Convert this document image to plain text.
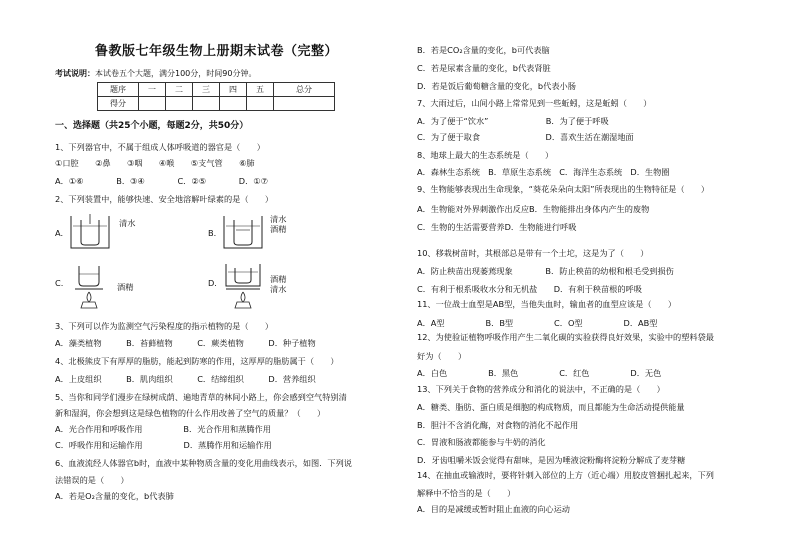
鲁教版七年级生物上册期末试卷（完整）
考试说明：本试卷五个大题，满分100分，时间90分钟。
题序	一	二	三	四	五	总分
得分						
一、选择题（共25个小题，每题2分，共50分）
1、下列器官中，不属于组成人体呼吸道的器官是（　　）
①口腔　　②鼻　　③咽　　④喉　　⑤支气管　　⑥肺
A．①⑥　　　　B．③④　　　　C．②⑤　　　　D．①⑦
2、下列装置中，能够快速、安全地溶解叶绿素的是（　　）
3、下列可以作为监测空气污染程度的指示植物的是（　　）
A．藻类植物　　　B．苔藓植物　　　C．蕨类植物　　　D．种子植物
4、北极熊皮下有厚厚的脂肪，能起到防寒的作用，这厚厚的脂肪属于（　　）
A．上皮组织　　　B．肌肉组织　　　C．结缔组织　　　D．营养组织
5、当你和同学们漫步在绿树成荫、遍地青草的林间小路上，你会感到空气特别清
新和湿润，你会想到这是绿色植物的什么作用改善了空气的质量？（　　）
A．光合作用和呼吸作用　　　　　B．光合作用和蒸腾作用
C．呼吸作用和运输作用　　　　　D．蒸腾作用和运输作用
6、血液流经人体器官b时，血液中某种物质含量的变化用曲线表示，如图．下列说
法错误的是（　　）
A．若是O₂含量的变化，b代表肺
B．若是CO₂含量的变化，b可代表脑
C．若是尿素含量的变化，b代表肾脏
D．若是饭后葡萄糖含量的变化，b代表小肠
7、大雨过后，山间小路上常常见到一些蚯蚓，这是蚯蚓（　　）
A．为了便于“饮水”　　　　　　　B．为了便于呼吸
C．为了便于取食　　　　　　　　D．喜欢生活在潮湿地面
8、地球上最大的生态系统是（　　）
A．森林生态系统　B．草原生态系统　C．海洋生态系统　D．生物圈
9、生物能够表现出生命现象，“葵花朵朵向太阳”所表现出的生物特征是（　　）
A．生物能对外界刺激作出反应B．生物能排出身体内产生的废物
C．生物的生活需要营养D．生物能进行呼吸
10、移栽树苗时，其根部总是带有一个土坨，这是为了（　　）
A．防止秧苗出现萎蔫现象　　　　B．防止秧苗的幼根和根毛受到损伤
C．有利于根系吸收水分和无机盐　　D．有利于秧苗根的呼吸
11、一位战士血型是AB型，当他失血时，输血者的血型应该是（　　）
A．A型　　　　　B．B型　　　　　C．O型　　　　　D．AB型
12、为使验证植物呼吸作用产生二氧化碳的实验获得良好效果，实验中的塑料袋最
好为（　　）
A．白色　　　　　B．黑色　　　　　C．红色　　　　　D．无色
13、下列关于食物的营养成分和消化的说法中，不正确的是（　　）
A．糖类、脂肪、蛋白质是细胞的构成物质，而且都能为生命活动提供能量
B．胆汁不含消化酶，对食物的消化不起作用
C．胃液和肠液都能参与牛奶的消化
D．牙齿咀嚼米饭会觉得有甜味，是因为唾液淀粉酶将淀粉分解成了麦芽糖
14、在抽血或输液时，要将针刺入部位的上方（近心端）用胶皮管捆扎起来，下列
解释中不恰当的是（　　）
A．目的是减缓或暂时阻止血液的向心运动
A.
清水
B.
清水
酒精
C.	酒精	D.	酒精
清水
